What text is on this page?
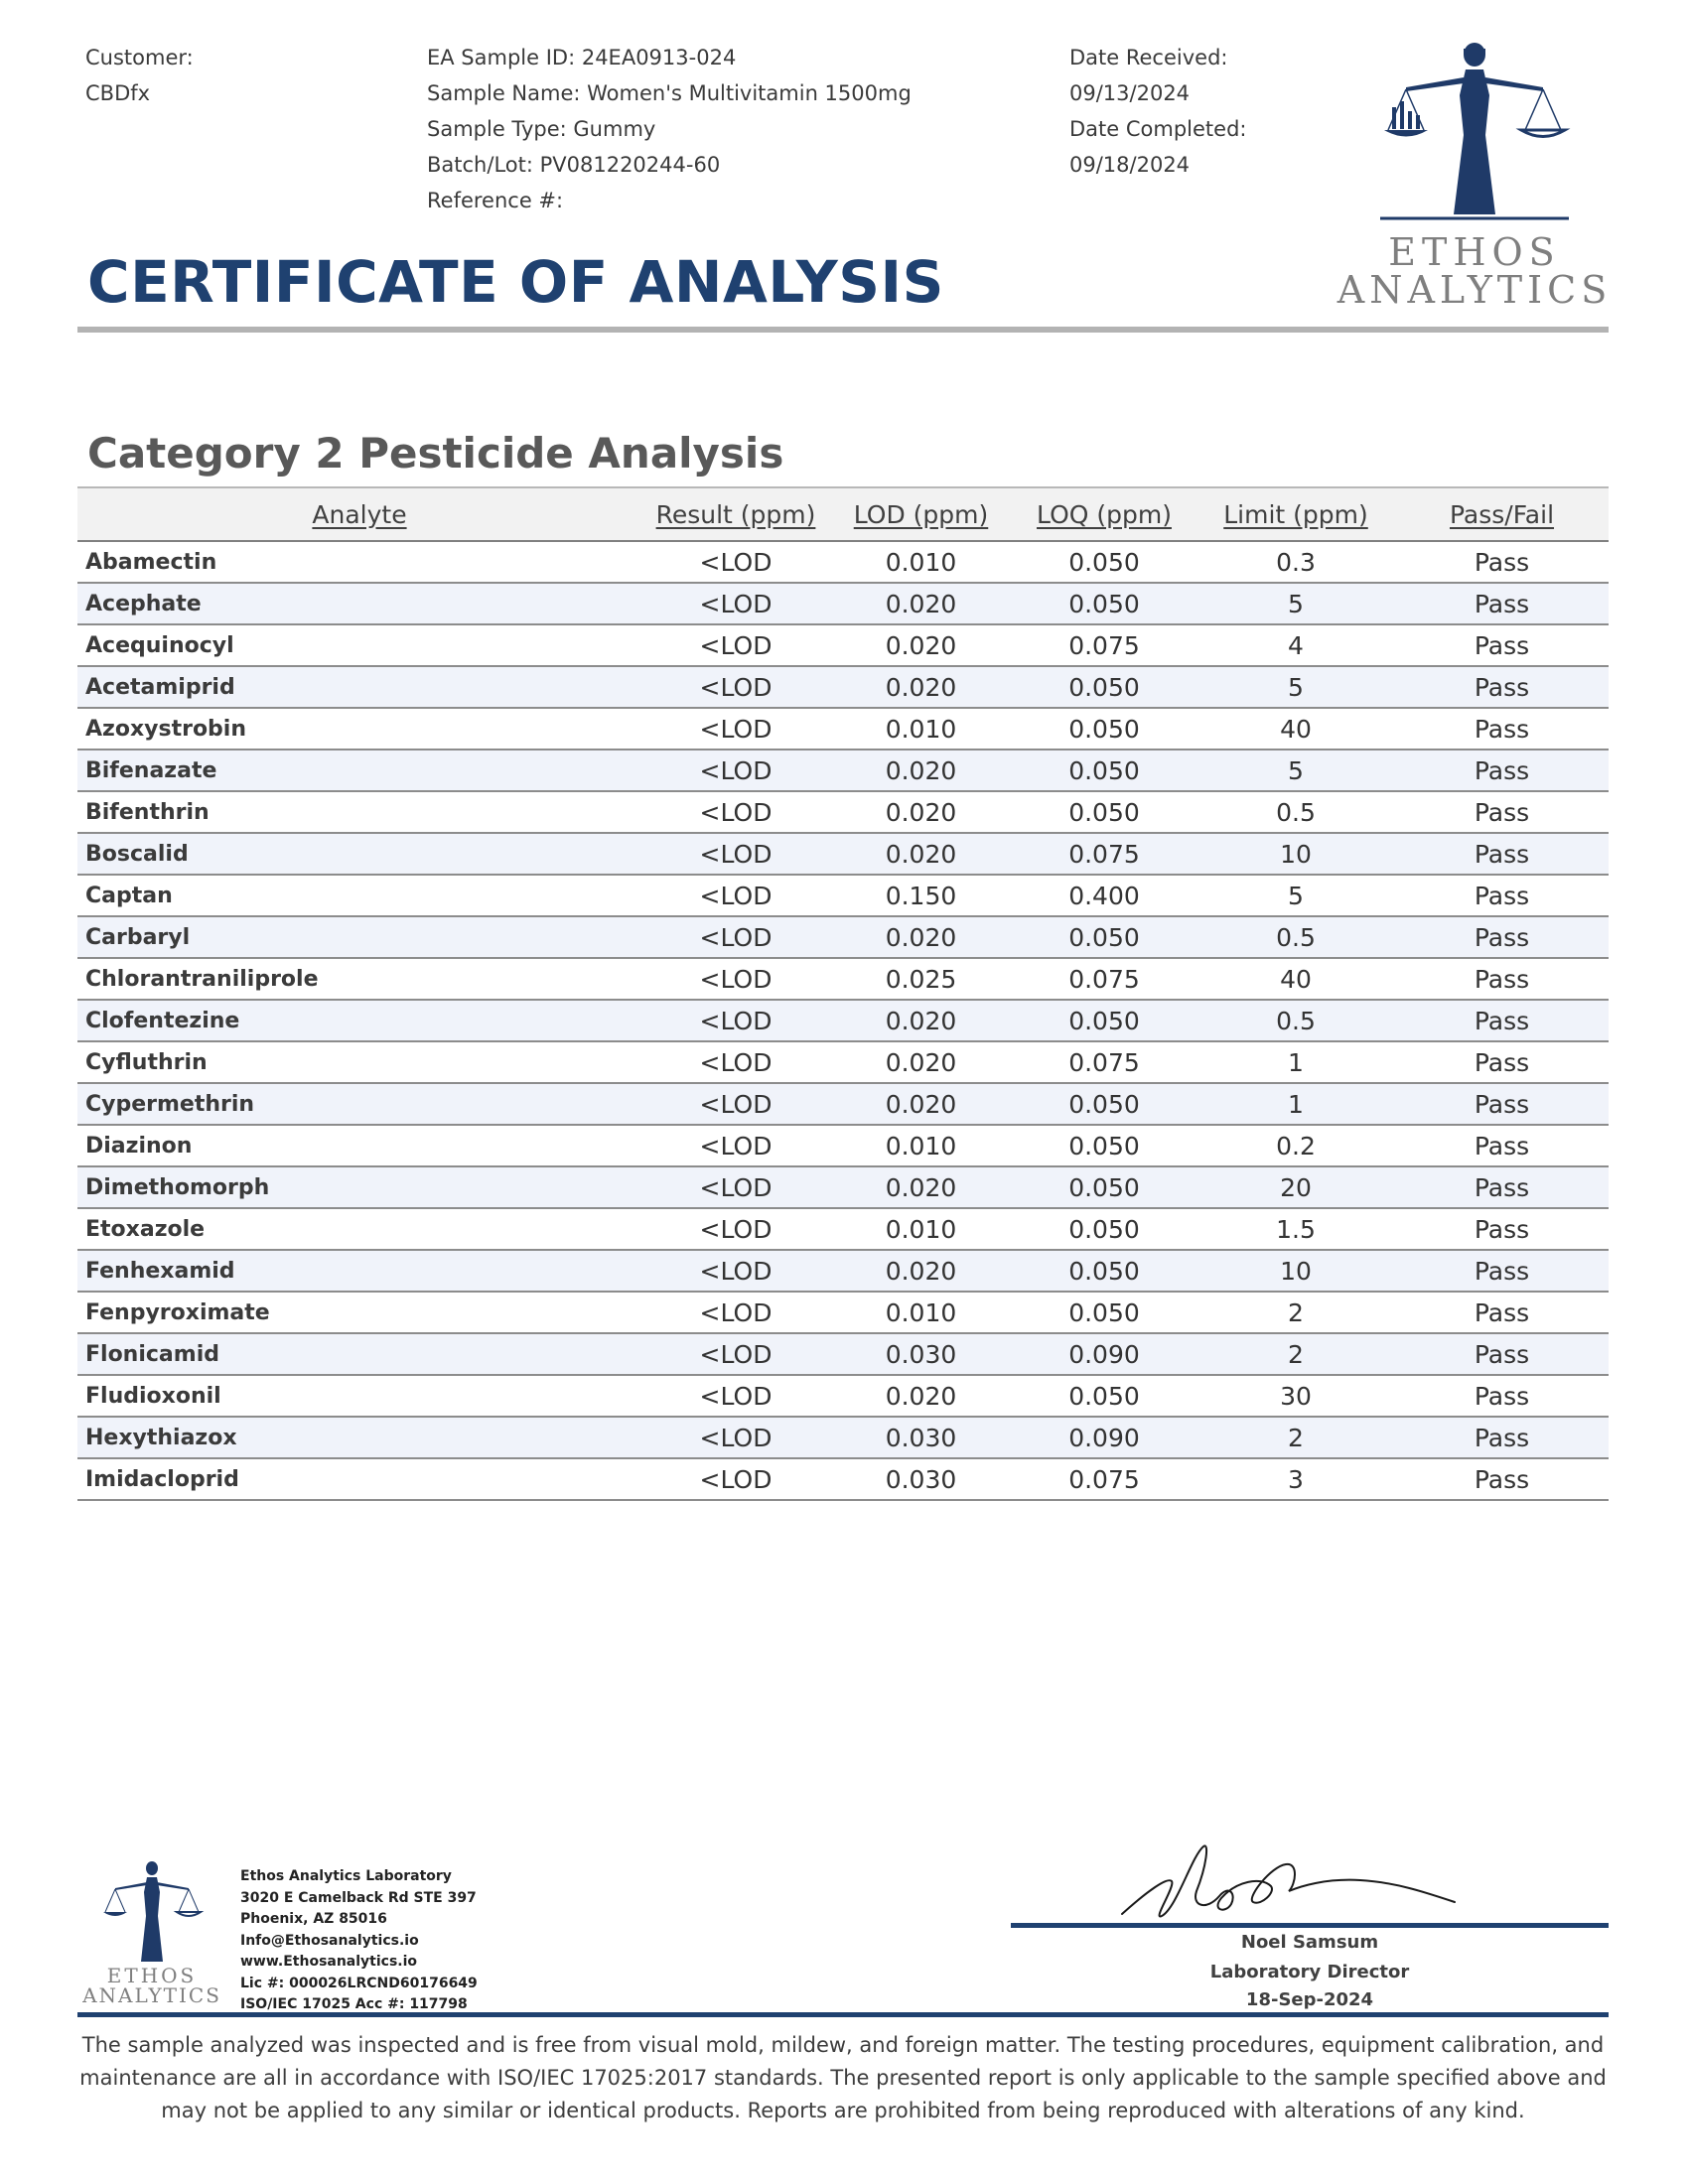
Customer:
CBDfx
EA Sample ID: 24EA0913-024
Sample Name: Women's Multivitamin 1500mg
Sample Type: Gummy
Batch/Lot: PV081220244-60
Reference #:
Date Received:
09/13/2024
Date Completed:
09/18/2024
ETHOS
ANALYTICS
CERTIFICATE OF ANALYSIS
Category 2 Pesticide Analysis
Analyte	Result (ppm)	LOD (ppm)	LOQ (ppm)	Limit (ppm)	Pass/Fail
Abamectin	<LOD	0.010	0.050	0.3	Pass
Acephate	<LOD	0.020	0.050	5	Pass
Acequinocyl	<LOD	0.020	0.075	4	Pass
Acetamiprid	<LOD	0.020	0.050	5	Pass
Azoxystrobin	<LOD	0.010	0.050	40	Pass
Bifenazate	<LOD	0.020	0.050	5	Pass
Bifenthrin	<LOD	0.020	0.050	0.5	Pass
Boscalid	<LOD	0.020	0.075	10	Pass
Captan	<LOD	0.150	0.400	5	Pass
Carbaryl	<LOD	0.020	0.050	0.5	Pass
Chlorantraniliprole	<LOD	0.025	0.075	40	Pass
Clofentezine	<LOD	0.020	0.050	0.5	Pass
Cyfluthrin	<LOD	0.020	0.075	1	Pass
Cypermethrin	<LOD	0.020	0.050	1	Pass
Diazinon	<LOD	0.010	0.050	0.2	Pass
Dimethomorph	<LOD	0.020	0.050	20	Pass
Etoxazole	<LOD	0.010	0.050	1.5	Pass
Fenhexamid	<LOD	0.020	0.050	10	Pass
Fenpyroximate	<LOD	0.010	0.050	2	Pass
Flonicamid	<LOD	0.030	0.090	2	Pass
Fludioxonil	<LOD	0.020	0.050	30	Pass
Hexythiazox	<LOD	0.030	0.090	2	Pass
Imidacloprid	<LOD	0.030	0.075	3	Pass
ETHOS
ANALYTICS
Ethos Analytics Laboratory
3020 E Camelback Rd STE 397
Phoenix, AZ 85016
Info@Ethosanalytics.io
www.Ethosanalytics.io
Lic #: 000026LRCND60176649
ISO/IEC 17025 Acc #: 117798
Noel Samsum
Laboratory Director
18-Sep-2024
The sample analyzed was inspected and is free from visual mold, mildew, and foreign matter. The testing procedures, equipment calibration, and maintenance are all in accordance with ISO/IEC 17025:2017 standards. The presented report is only applicable to the sample specified above and may not be applied to any similar or identical products. Reports are prohibited from being reproduced with alterations of any kind.
